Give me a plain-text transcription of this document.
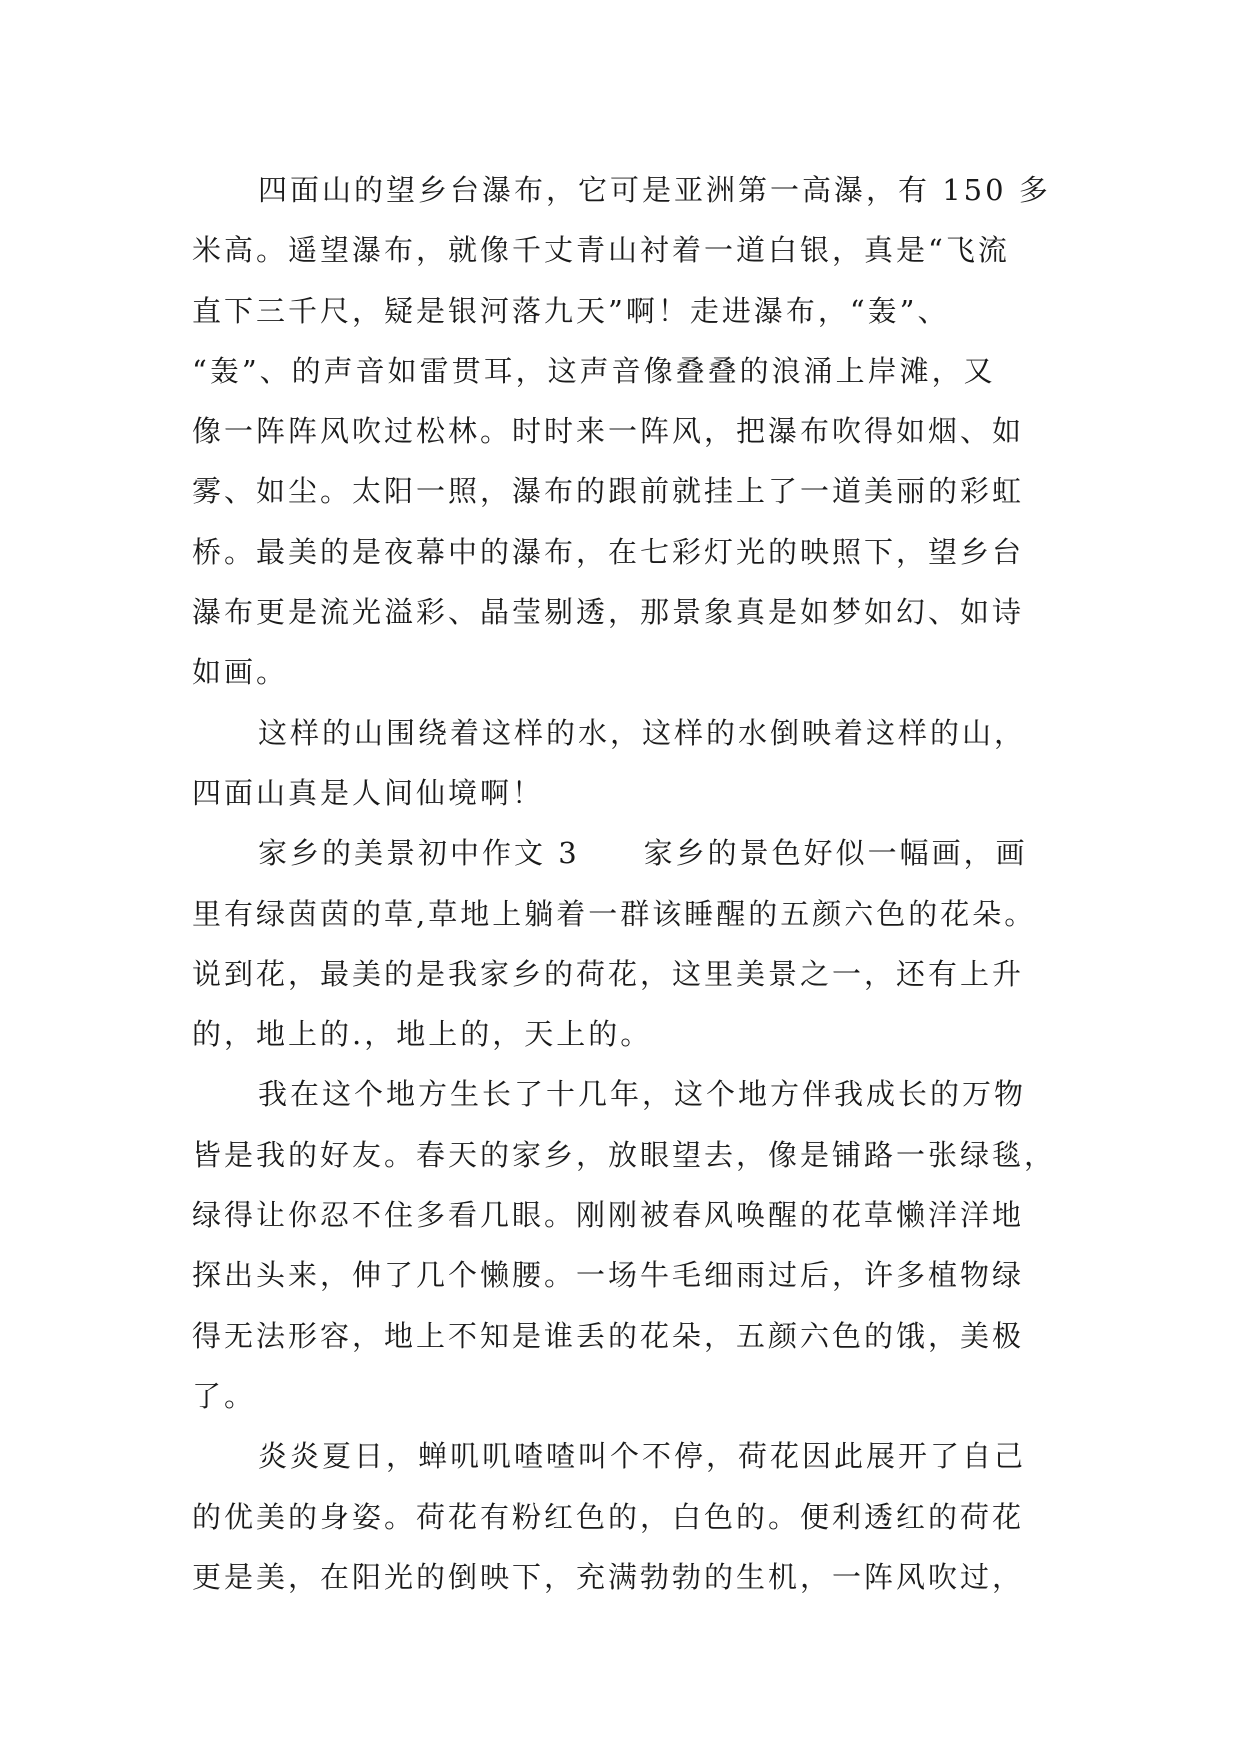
四面山的望乡台瀑布，它可是亚洲第一高瀑，有 150 多
米高。遥望瀑布，就像千丈青山衬着一道白银，真是“飞流
直下三千尺，疑是银河落九天”啊！走进瀑布，“轰”、
“轰”、的声音如雷贯耳，这声音像叠叠的浪涌上岸滩，又
像一阵阵风吹过松林。时时来一阵风，把瀑布吹得如烟、如
雾、如尘。太阳一照，瀑布的跟前就挂上了一道美丽的彩虹
桥。最美的是夜幕中的瀑布，在七彩灯光的映照下，望乡台
瀑布更是流光溢彩、晶莹剔透，那景象真是如梦如幻、如诗
如画。
这样的山围绕着这样的水，这样的水倒映着这样的山，
四面山真是人间仙境啊！
家乡的美景初中作文 3　　家乡的景色好似一幅画，画
里有绿茵茵的草,草地上躺着一群该睡醒的五颜六色的花朵。
说到花，最美的是我家乡的荷花，这里美景之一，还有上升
的，地上的.，地上的，天上的。
我在这个地方生长了十几年，这个地方伴我成长的万物
皆是我的好友。春天的家乡，放眼望去，像是铺路一张绿毯，
绿得让你忍不住多看几眼。刚刚被春风唤醒的花草懒洋洋地
探出头来，伸了几个懒腰。一场牛毛细雨过后，许多植物绿
得无法形容，地上不知是谁丢的花朵，五颜六色的饿，美极
了。
炎炎夏日，蝉叽叽喳喳叫个不停，荷花因此展开了自己
的优美的身姿。荷花有粉红色的，白色的。便利透红的荷花
更是美，在阳光的倒映下，充满勃勃的生机，一阵风吹过，
